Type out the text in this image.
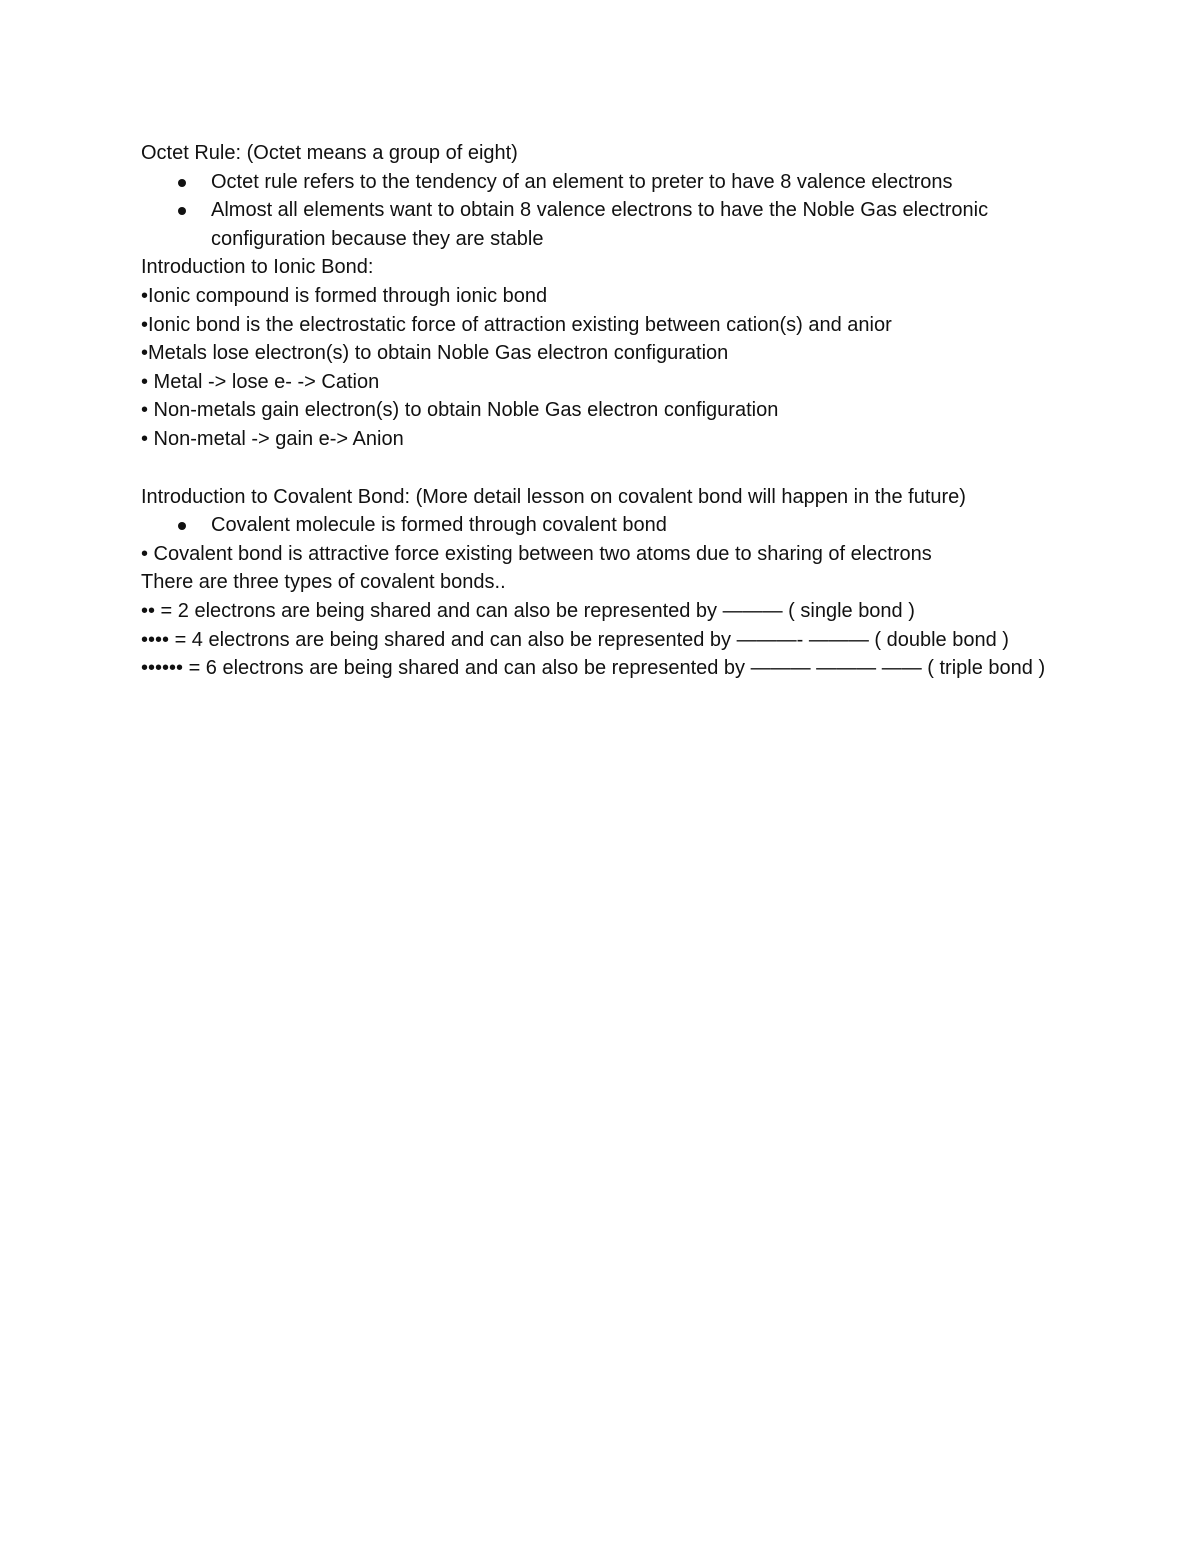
Octet Rule: (Octet means a group of eight)

Octet rule refers to the tendency of an element to preter to have 8 valence electrons
Almost all elements want to obtain 8 valence electrons to have the Noble Gas electronic configuration because they are stable

Introduction to Ionic Bond:

•Ionic compound is formed through ionic bond

•Ionic bond is the electrostatic force of attraction existing between cation(s) and anior

•Metals lose electron(s) to obtain Noble Gas electron configuration

• Metal -> lose e- -> Cation

• Non-metals gain electron(s) to obtain Noble Gas electron configuration

• Non-metal -> gain e-> Anion

Introduction to Covalent Bond: (More detail lesson on covalent bond will happen in the future)

Covalent molecule is formed through covalent bond

• Covalent bond is attractive force existing between two atoms due to sharing of electrons

There are three types of covalent bonds..

•• = 2 electrons are being shared and can also be represented by ——— ( single bond )

•••• = 4 electrons are being shared and can also be represented by ———- ——— ( double bond )

•••••• = 6 electrons are being shared and can also be represented by ——— ——— —— ( triple bond )
